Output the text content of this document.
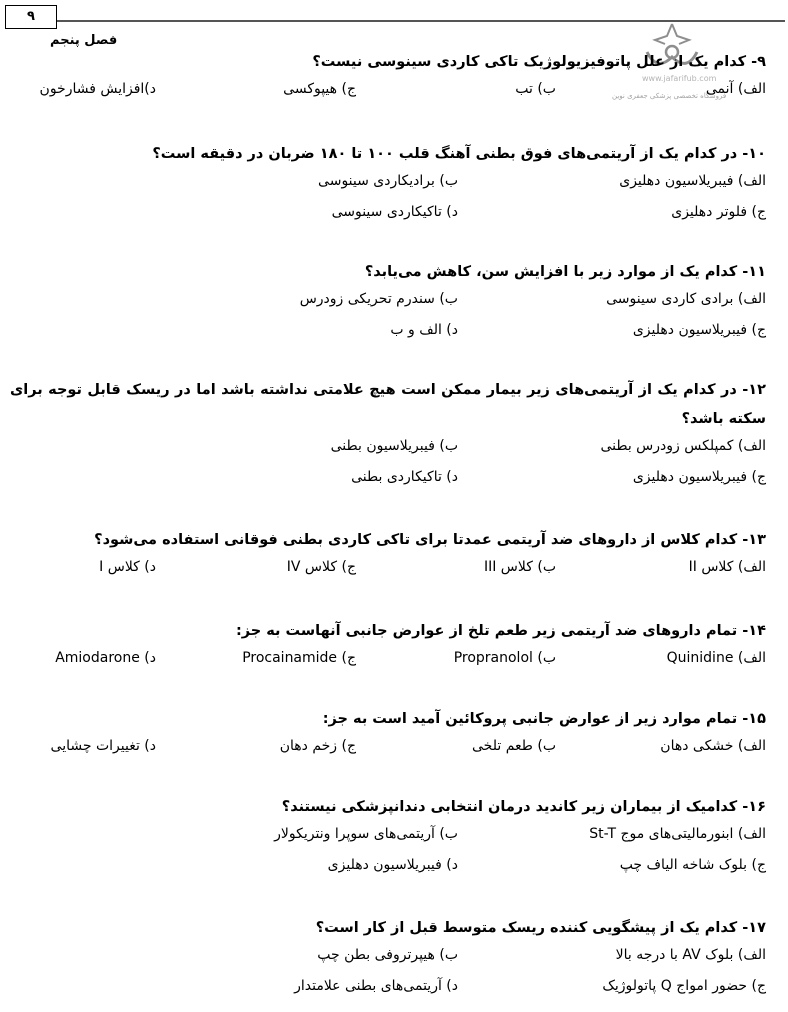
۹
فصل پنجم
www.jafarifub.com
فروشگاه تخصصی پزشکی جعفری نوین
۹- کدام یک از علل پاتوفیزیولوژیک تاکی کاردی سینوسی نیست؟
الف) آنمی
ب) تب
ج) هیپوکسی
د)افزایش فشارخون
۱۰- در کدام یک از آریتمی‌های فوق بطنی آهنگ قلب ۱۰۰ تا ۱۸۰ ضربان در دقیقه است؟
الف) فیبریلاسیون دهلیزی
ب) برادیکاردی سینوسی
ج) فلوتر دهلیزی
د) تاکیکاردی سینوسی
۱۱- کدام یک از موارد زیر با افزایش سن، کاهش می‌یابد؟
الف) برادی کاردی سینوسی
ب) سندرم تحریکی زودرس
ج) فیبریلاسیون دهلیزی
د) الف و ب
۱۲- در کدام یک از آریتمی‌های زیر بیمار ممکن است هیچ علامتی نداشته باشد اما در ریسک قابل توجه برای سکته باشد؟
الف) کمپلکس زودرس بطنی
ب) فیبریلاسیون بطنی
ج) فیبریلاسیون دهلیزی
د) تاکیکاردی بطنی
۱۳- کدام کلاس از داروهای ضد آریتمی عمدتا برای تاکی کاردی بطنی فوقانی استفاده می‌شود؟
الف) کلاس II
ب) کلاس III
ج) کلاس IV
د) کلاس I
۱۴- تمام داروهای ضد آریتمی زیر طعم تلخ از عوارض جانبی آنهاست به جز:
الف) Quinidine
ب) Propranolol
ج) Procainamide
د) Amiodarone
۱۵- تمام موارد زیر از عوارض جانبی پروکائین آمید است به جز:
الف) خشکی دهان
ب) طعم تلخی
ج) زخم دهان
د) تغییرات چشایی
۱۶- کدامیک از بیماران زیر کاندید درمان انتخابی دندانپزشکی نیستند؟
الف) ابنورمالیتی‌های موج St-T
ب) آریتمی‌های سوپرا ونتریکولار
ج) بلوک شاخه الیاف چپ
د) فیبریلاسیون دهلیزی
۱۷- کدام یک از پیشگویی کننده ریسک متوسط قبل از کار است؟
الف) بلوک AV با درجه بالا
ب) هیپرتروفی بطن چپ
ج) حضور امواج Q پاتولوژیک
د) آریتمی‌های بطنی علامتدار
